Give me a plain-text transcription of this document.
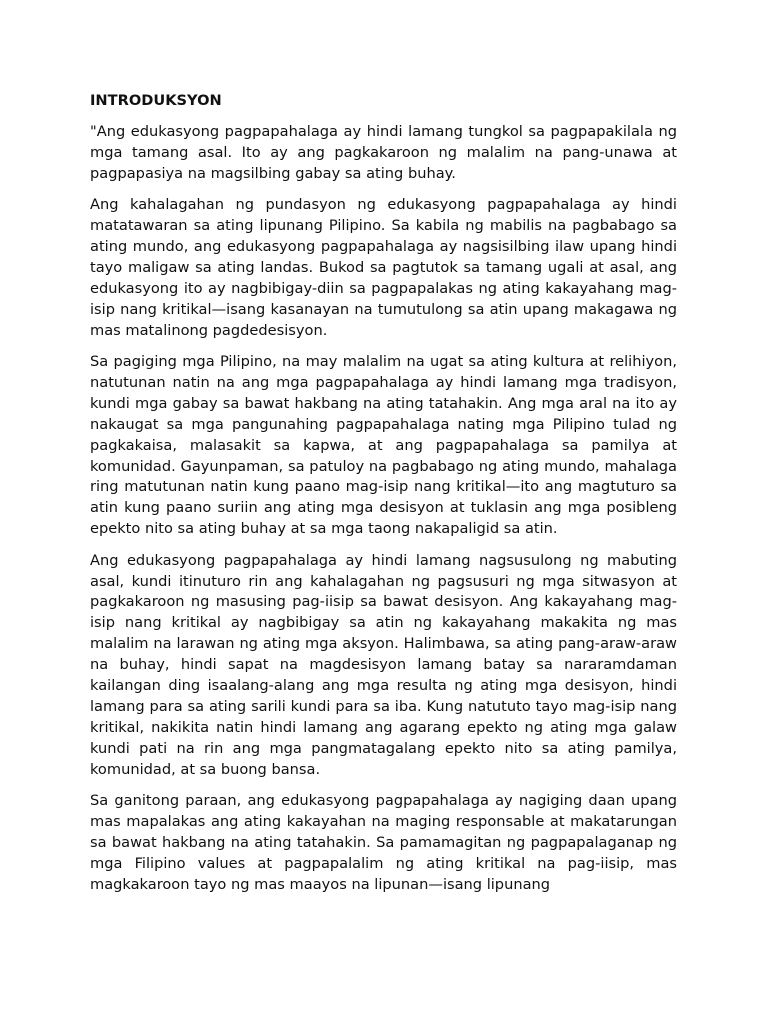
INTRODUKSYON

"Ang edukasyong pagpapahalaga ay hindi lamang tungkol sa pagpapakilala ng mga tamang asal. Ito ay ang pagkakaroon ng malalim na pang-unawa at pagpapasiya na magsilbing gabay sa ating buhay.

Ang kahalagahan ng pundasyon ng edukasyong pagpapahalaga ay hindi matatawaran sa ating lipunang Pilipino. Sa kabila ng mabilis na pagbabago sa ating mundo, ang edukasyong pagpapahalaga ay nagsisilbing ilaw upang hindi tayo maligaw sa ating landas. Bukod sa pagtutok sa tamang ugali at asal, ang edukasyong ito ay nagbibigay-diin sa pagpapalakas ng ating kakayahang mag-isip nang kritikal—isang kasanayan na tumutulong sa atin upang makagawa ng mas matalinong pagdedesisyon.

Sa pagiging mga Pilipino, na may malalim na ugat sa ating kultura at relihiyon, natutunan natin na ang mga pagpapahalaga ay hindi lamang mga tradisyon, kundi mga gabay sa bawat hakbang na ating tatahakin. Ang mga aral na ito ay nakaugat sa mga pangunahing pagpapahalaga nating mga Pilipino tulad ng pagkakaisa, malasakit sa kapwa, at ang pagpapahalaga sa pamilya at komunidad. Gayunpaman, sa patuloy na pagbabago ng ating mundo, mahalaga ring matutunan natin kung paano mag-isip nang kritikal—ito ang magtuturo sa atin kung paano suriin ang ating mga desisyon at tuklasin ang mga posibleng epekto nito sa ating buhay at sa mga taong nakapaligid sa atin.

Ang edukasyong pagpapahalaga ay hindi lamang nagsusulong ng mabuting asal, kundi itinuturo rin ang kahalagahan ng pagsusuri ng mga sitwasyon at pagkakaroon ng masusing pag-iisip sa bawat desisyon. Ang kakayahang mag-isip nang kritikal ay nagbibigay sa atin ng kakayahang makakita ng mas malalim na larawan ng ating mga aksyon. Halimbawa, sa ating pang-araw-araw na buhay, hindi sapat na magdesisyon lamang batay sa nararamdaman kailangan ding isaalang-alang ang mga resulta ng ating mga desisyon, hindi lamang para sa ating sarili kundi para sa iba. Kung natututo tayo mag-isip nang kritikal, nakikita natin hindi lamang ang agarang epekto ng ating mga galaw kundi pati na rin ang mga pangmatagalang epekto nito sa ating pamilya, komunidad, at sa buong bansa.

Sa ganitong paraan, ang edukasyong pagpapahalaga ay nagiging daan upang mas mapalakas ang ating kakayahan na maging responsable at makatarungan sa bawat hakbang na ating tatahakin. Sa pamamagitan ng pagpapalaganap ng mga Filipino values at pagpapalalim ng ating kritikal na pag-iisip, mas magkakaroon tayo ng mas maayos na lipunan—isang lipunang
